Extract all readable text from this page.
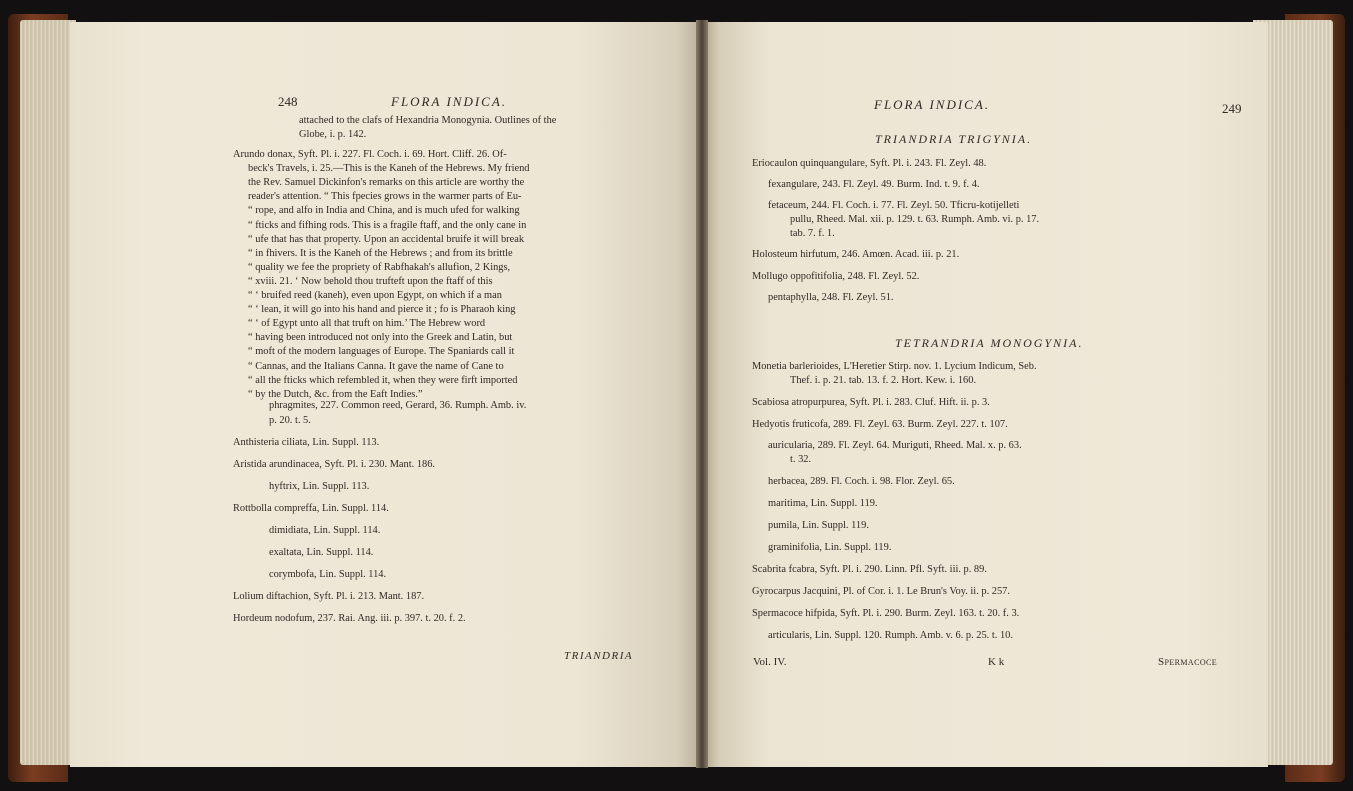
248	FLORA INDICA.
attached to the clafs of Hexandria Monogynia. Outlines of the
Globe, i. p. 142.
Arundo donax, Syft. Pl. i. 227. Fl. Coch. i. 69. Hort. Cliff. 26. Of-
beck's Travels, i. 25.—This is the Kaneh of the Hebrews. My friend
the Rev. Samuel Dickinfon's remarks on this article are worthy the
reader's attention. “ This fpecies grows in the warmer parts of Eu-
“ rope, and alfo in India and China, and is much ufed for walking
“ fticks and fifhing rods. This is a fragile ftaff, and the only cane in
“ ufe that has that property. Upon an accidental bruife it will break
“ in fhivers. It is the Kaneh of the Hebrews ; and from its brittle
“ quality we fee the propriety of Rabfhakah's allufion, 2 Kings,
“ xviii. 21. ‘ Now behold thou trufteft upon the ftaff of this
“ ‘ bruifed reed (kaneh), even upon Egypt, on which if a man
“ ‘ lean, it will go into his hand and pierce it ; fo is Pharaoh king
“ ‘ of Egypt unto all that truft on him.’ The Hebrew word
“ having been introduced not only into the Greek and Latin, but
“ moft of the modern languages of Europe. The Spaniards call it
“ Cannas, and the Italians Canna. It gave the name of Cane to
“ all the fticks which refembled it, when they were firft imported
“ by the Dutch, &c. from the Eaft Indies.”
phragmites, 227. Common reed, Gerard, 36. Rumph. Amb. iv.
p. 20. t. 5.
Anthisteria ciliata, Lin. Suppl. 113.
Aristida arundinacea, Syft. Pl. i. 230. Mant. 186.
hyftrix, Lin. Suppl. 113.
Rottbolla compreffa, Lin. Suppl. 114.
dimidiata, Lin. Suppl. 114.
exaltata, Lin. Suppl. 114.
corymbofa, Lin. Suppl. 114.
Lolium diftachion, Syft. Pl. i. 213. Mant. 187.
Hordeum nodofum, 237. Rai. Ang. iii. p. 397. t. 20. f. 2.
TRIANDRIA
FLORA INDICA.	249
TRIANDRIA TRIGYNIA.
Eriocaulon quinquangulare, Syft. Pl. i. 243. Fl. Zeyl. 48.
fexangulare, 243. Fl. Zeyl. 49. Burm. Ind. t. 9. f. 4.
fetaceum, 244. Fl. Coch. i. 77. Fl. Zeyl. 50. Tficru-kotijelleti
pullu, Rheed. Mal. xii. p. 129. t. 63. Rumph. Amb. vi. p. 17.
tab. 7. f. 1.
Holosteum hirfutum, 246. Amœn. Acad. iii. p. 21.
Mollugo oppofitifolia, 248. Fl. Zeyl. 52.
pentaphylla, 248. Fl. Zeyl. 51.
TETRANDRIA MONOGYNIA.
Monetia barlerioides, L'Heretier Stirp. nov. 1. Lycium Indicum, Seb.
Thef. i. p. 21. tab. 13. f. 2. Hort. Kew. i. 160.
Scabiosa atropurpurea, Syft. Pl. i. 283. Cluf. Hift. ii. p. 3.
Hedyotis fruticofa, 289. Fl. Zeyl. 63. Burm. Zeyl. 227. t. 107.
auricularia, 289. Fl. Zeyl. 64. Muriguti, Rheed. Mal. x. p. 63.
t. 32.
herbacea, 289. Fl. Coch. i. 98. Flor. Zeyl. 65.
maritima, Lin. Suppl. 119.
pumila, Lin. Suppl. 119.
graminifolia, Lin. Suppl. 119.
Scabrita fcabra, Syft. Pl. i. 290. Linn. Pfl. Syft. iii. p. 89.
Gyrocarpus Jacquini, Pl. of Cor. i. 1. Le Brun's Voy. ii. p. 257.
Spermacoce hifpida, Syft. Pl. i. 290. Burm. Zeyl. 163. t. 20. f. 3.
articularis, Lin. Suppl. 120. Rumph. Amb. v. 6. p. 25. t. 10.
Vol. IV.	K k	Spermacoce
